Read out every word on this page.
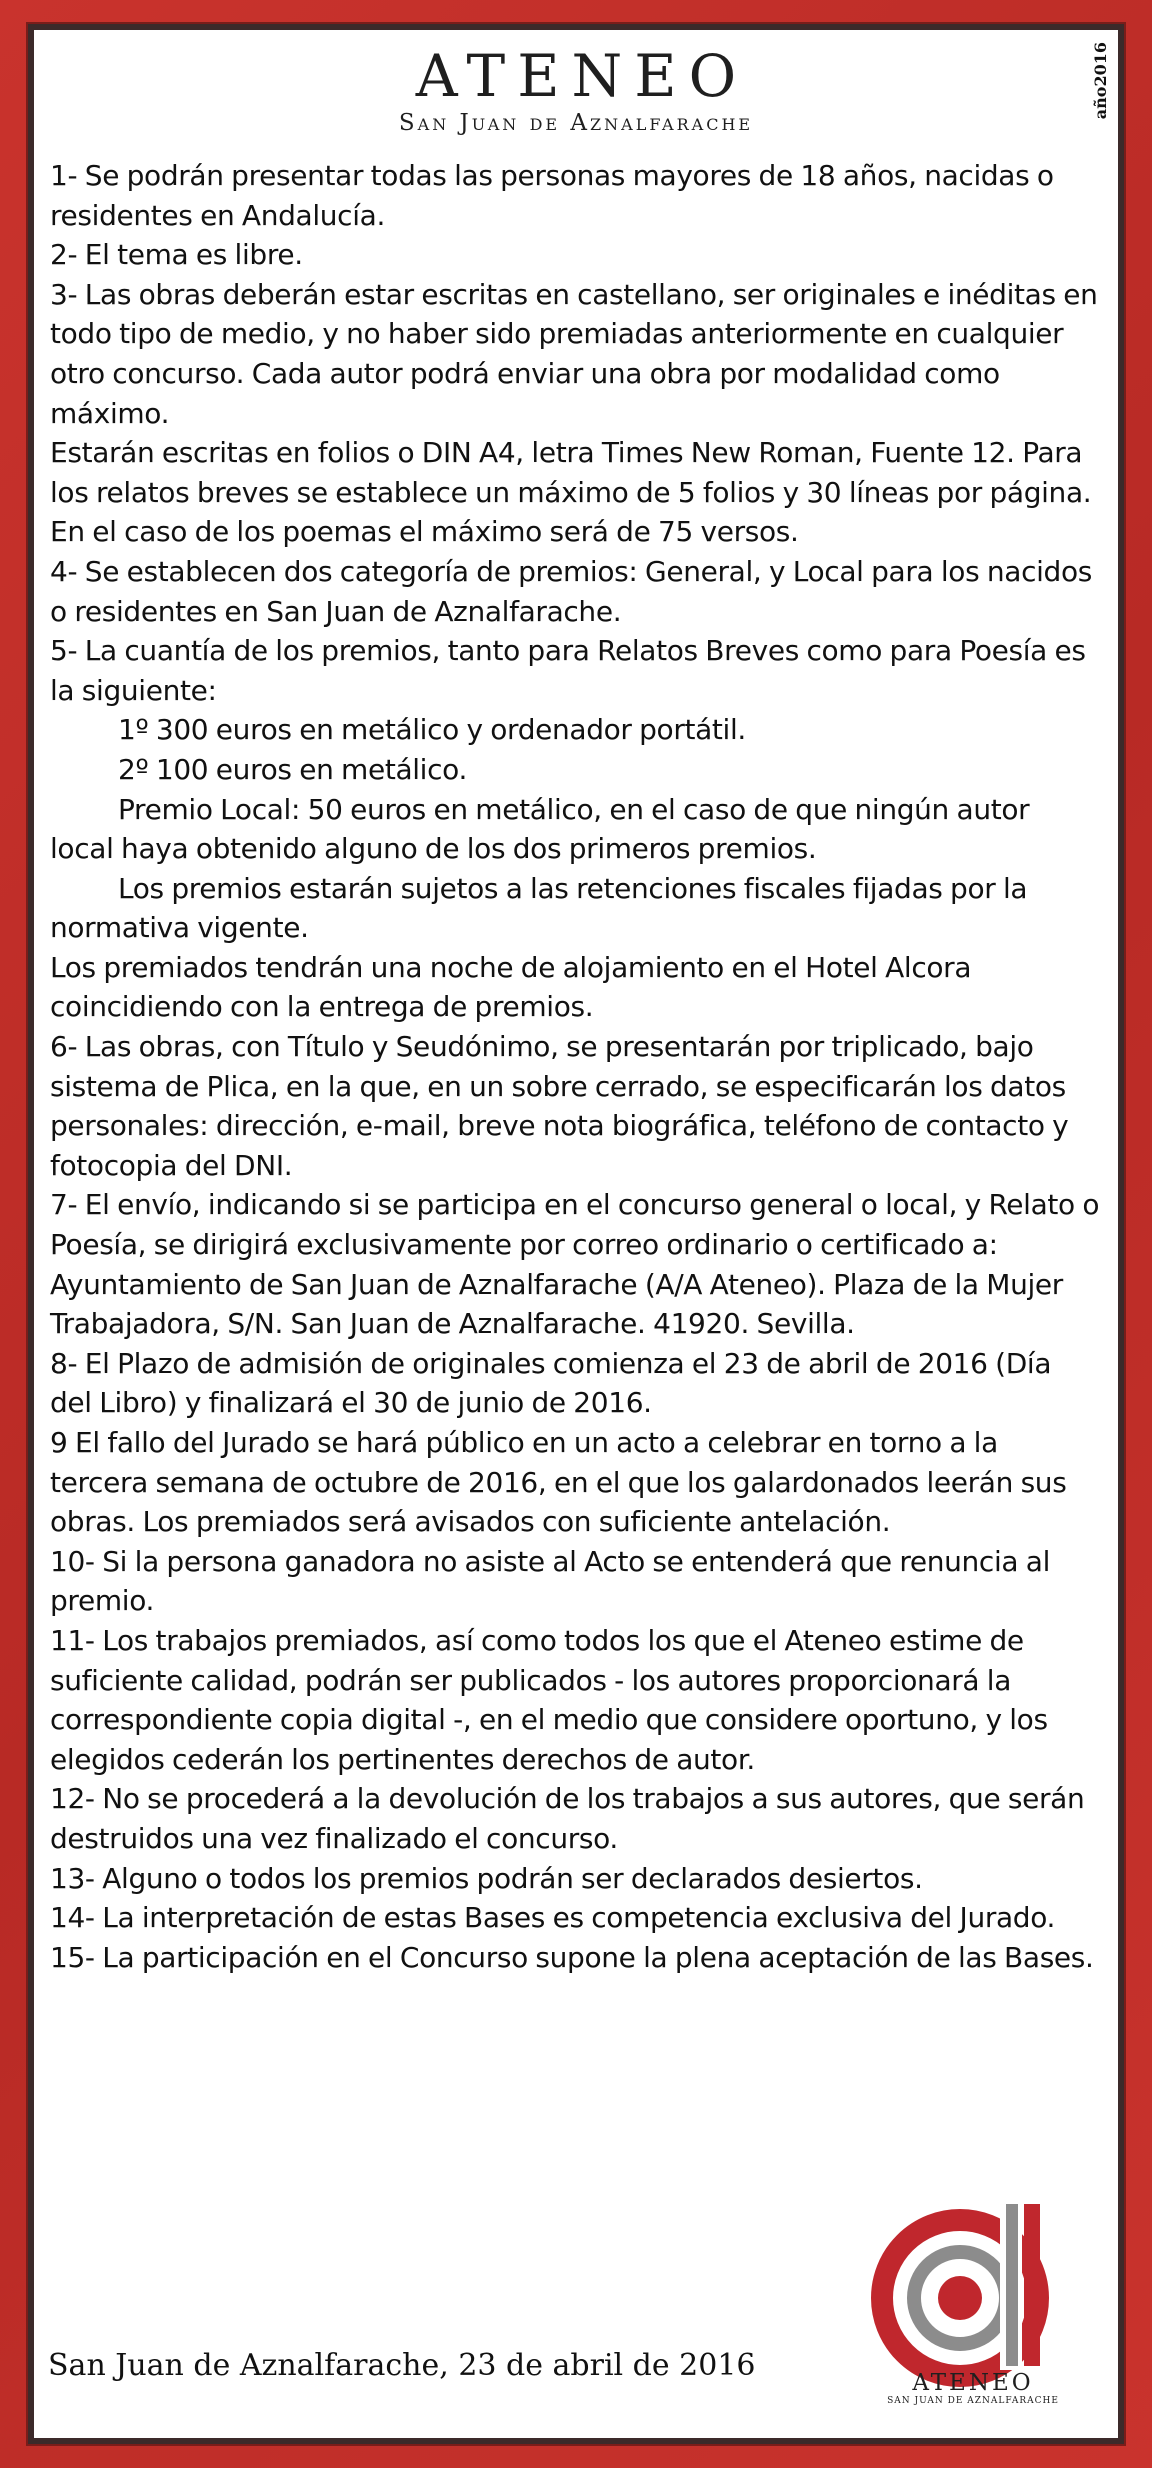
ATENEO
San Juan de Aznalfarache
año2016

1- Se podrán presentar todas las personas mayores de 18 años, nacidas o residentes en Andalucía.

2- El tema es libre.

3- Las obras deberán estar escritas en castellano, ser originales e inéditas en todo tipo de medio, y no haber sido premiadas anteriormente en cualquier otro concurso. Cada autor podrá enviar una obra por modalidad como máximo.

Estarán escritas en folios o DIN A4, letra Times New Roman, Fuente 12. Para los relatos breves se establece un máximo de 5 folios y 30 líneas por página. En el caso de los poemas el máximo será de 75 versos.

4- Se establecen dos categoría de premios: General, y Local para los nacidos o residentes en San Juan de Aznalfarache.

5- La cuantía de los premios, tanto para Relatos Breves como para Poesía es la siguiente:

1º 300 euros en metálico y ordenador portátil.

2º 100 euros en metálico.

Premio Local: 50 euros en metálico, en el caso de que ningún autor local haya obtenido alguno de los dos primeros premios.

Los premios estarán sujetos a las retenciones fiscales fijadas por la normativa vigente.

Los premiados tendrán una noche de alojamiento en el Hotel Alcora coincidiendo con la entrega de premios.

6- Las obras, con Título y Seudónimo, se presentarán por triplicado, bajo sistema de Plica, en la que, en un sobre cerrado, se especificarán los datos personales: dirección, e-mail, breve nota biográfica, teléfono de contacto y fotocopia del DNI.

7- El envío, indicando si se participa en el concurso general o local, y Relato o Poesía, se dirigirá exclusivamente por correo ordinario o certificado a: Ayuntamiento de San Juan de Aznalfarache (A/A Ateneo). Plaza de la Mujer Trabajadora, S/N. San Juan de Aznalfarache. 41920. Sevilla.

8- El Plazo de admisión de originales comienza el 23 de abril de 2016 (Día del Libro) y finalizará el 30 de junio de 2016.

9 El fallo del Jurado se hará público en un acto a celebrar en torno a la tercera semana de octubre de 2016, en el que los galardonados leerán sus obras. Los premiados será avisados con suficiente antelación.

10- Si la persona ganadora no asiste al Acto se entenderá que renuncia al premio.

11- Los trabajos premiados, así como todos los que el Ateneo estime de suficiente calidad, podrán ser publicados - los autores proporcionará la correspondiente copia digital -, en el medio que considere oportuno, y los elegidos cederán los pertinentes derechos de autor.

12- No se procederá a la devolución de los trabajos a sus autores, que serán destruidos una vez finalizado el concurso.

13- Alguno o todos los premios podrán ser declarados desiertos.

14- La interpretación de estas Bases es competencia exclusiva del Jurado.

15- La participación en el Concurso supone la plena aceptación de las Bases.

San Juan de Aznalfarache, 23 de abril de 2016	ATENEO
SAN JUAN DE AZNALFARACHE
